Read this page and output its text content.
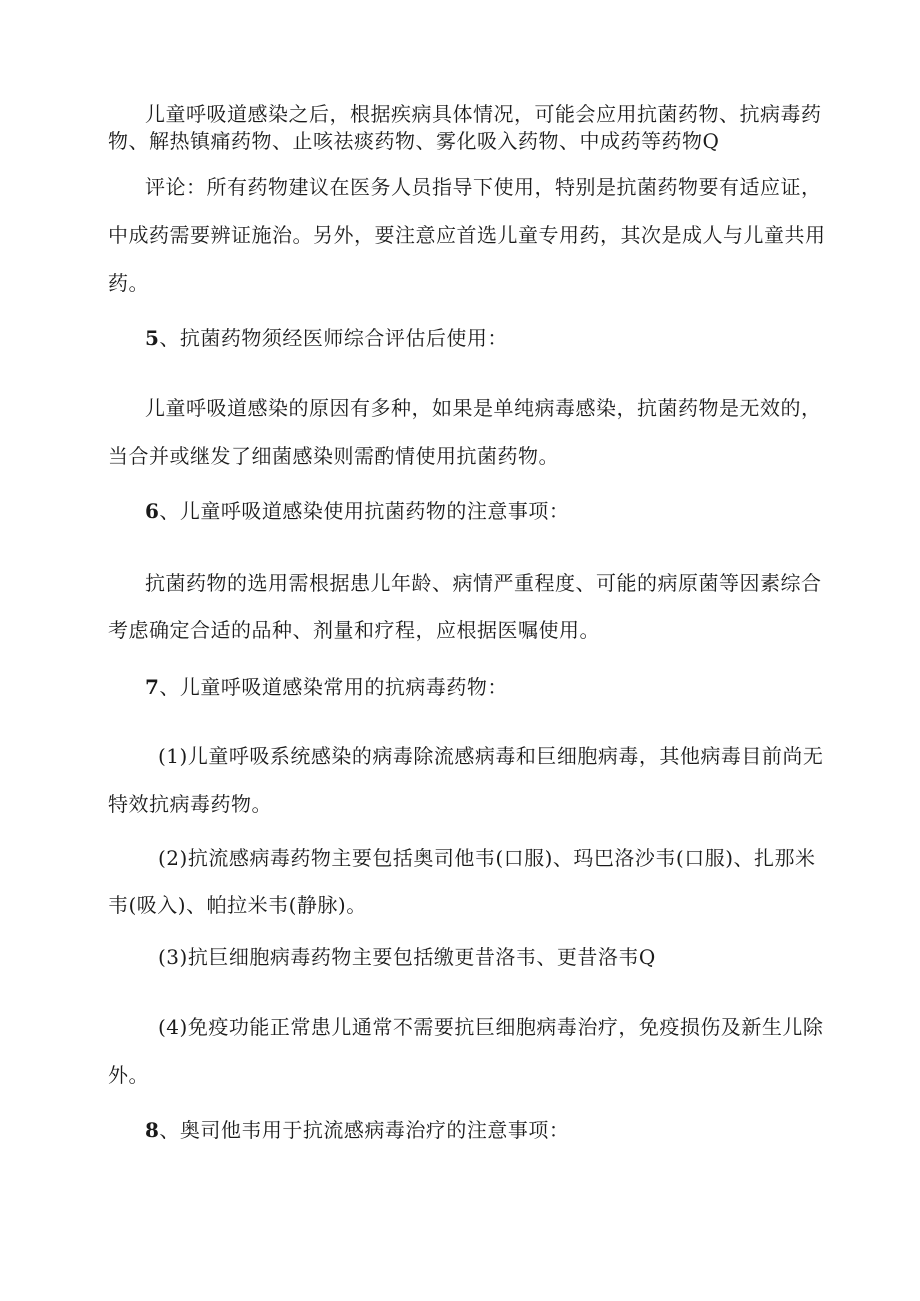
儿童呼吸道感染之后，根据疾病具体情况，可能会应用抗菌药物、抗病毒药
物、解热镇痛药物、止咳祛痰药物、雾化吸入药物、中成药等药物Q
评论：所有药物建议在医务人员指导下使用，特别是抗菌药物要有适应证，
中成药需要辨证施治。另外，要注意应首选儿童专用药，其次是成人与儿童共用
药。
5、抗菌药物须经医师综合评估后使用：
儿童呼吸道感染的原因有多种，如果是单纯病毒感染，抗菌药物是无效的，
当合并或继发了细菌感染则需酌情使用抗菌药物。
6、儿童呼吸道感染使用抗菌药物的注意事项：
抗菌药物的选用需根据患儿年龄、病情严重程度、可能的病原菌等因素综合
考虑确定合适的品种、剂量和疗程，应根据医嘱使用。
7、儿童呼吸道感染常用的抗病毒药物：
(1)儿童呼吸系统感染的病毒除流感病毒和巨细胞病毒，其他病毒目前尚无
特效抗病毒药物。
(2)抗流感病毒药物主要包括奥司他韦(口服)、玛巴洛沙韦(口服)、扎那米
韦(吸入)、帕拉米韦(静脉)。
(3)抗巨细胞病毒药物主要包括缴更昔洛韦、更昔洛韦Q
(4)免疫功能正常患儿通常不需要抗巨细胞病毒治疗，免疫损伤及新生儿除
外。
8、奥司他韦用于抗流感病毒治疗的注意事项：
